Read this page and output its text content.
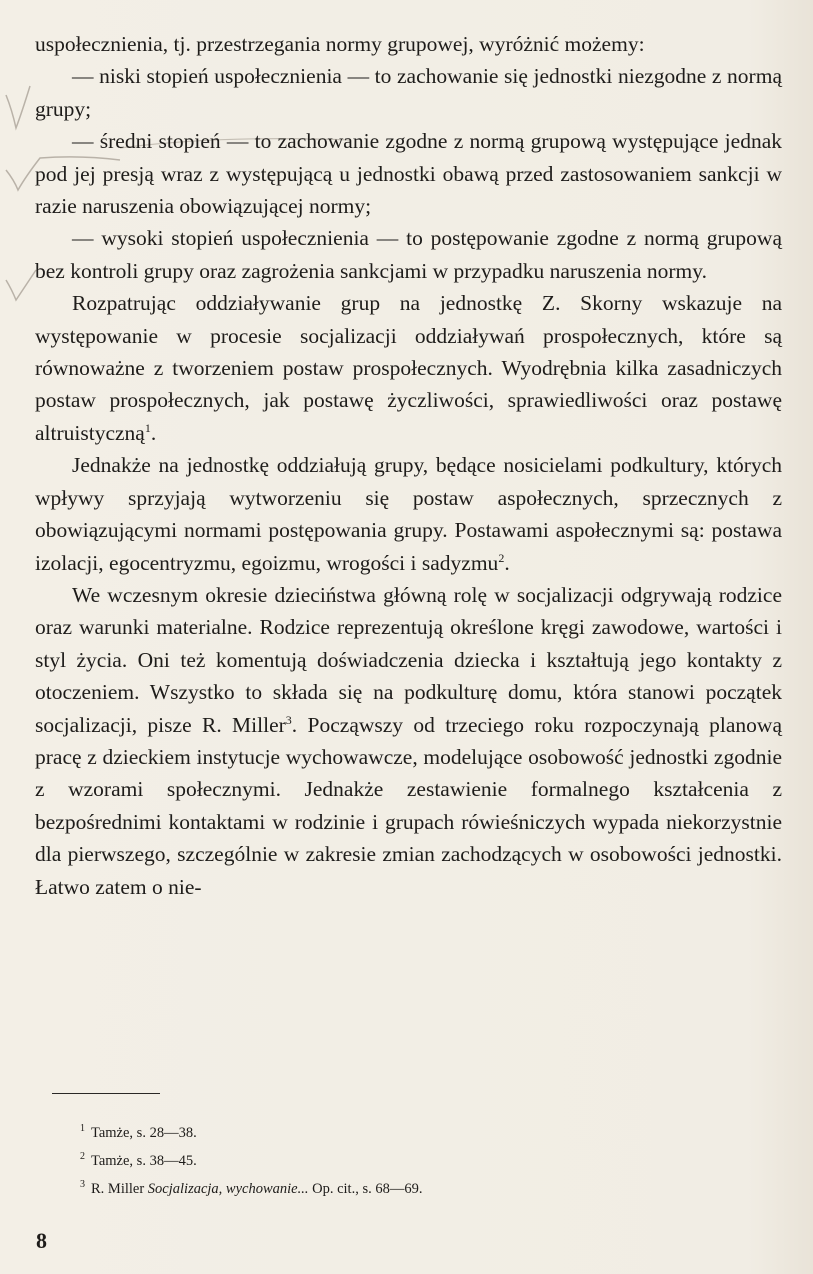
uspołecznienia, tj. przestrzegania normy grupowej, wyróżnić możemy:

— niski stopień uspołecznienia — to zachowanie się jednostki niezgodne z normą grupy;

— średni stopień — to zachowanie zgodne z normą grupową występujące jednak pod jej presją wraz z występującą u jednostki obawą przed zastosowaniem sankcji w razie naruszenia obowiązującej normy;

— wysoki stopień uspołecznienia — to postępowanie zgodne z normą grupową bez kontroli grupy oraz zagrożenia sankcjami w przypadku naruszenia normy.

Rozpatrując oddziaływanie grup na jednostkę Z. Skorny wskazuje na występowanie w procesie socjalizacji oddziaływań prospołecznych, które są równoważne z tworzeniem postaw prospołecznych. Wyodrębnia kilka zasadniczych postaw prospołecznych, jak postawę życzliwości, sprawiedliwości oraz postawę altruistyczną$^1$.

Jednakże na jednostkę oddziałują grupy, będące nosicielami podkultury, których wpływy sprzyjają wytworzeniu się postaw aspołecznych, sprzecznych z obowiązującymi normami postępowania grupy. Postawami aspołecznymi są: postawa izolacji, egocentryzmu, egoizmu, wrogości i sadyzmu$^2$.

We wczesnym okresie dzieciństwa główną rolę w socjalizacji odgrywają rodzice oraz warunki materialne. Rodzice reprezentują określone kręgi zawodowe, wartości i styl życia. Oni też komentują doświadczenia dziecka i kształtują jego kontakty z otoczeniem. Wszystko to składa się na podkulturę domu, która stanowi początek socjalizacji, pisze R. Miller$^3$. Począwszy od trzeciego roku rozpoczynają planową pracę z dzieckiem instytucje wychowawcze, modelujące osobowość jednostki zgodnie z wzorami społecznymi. Jednakże zestawienie formalnego kształcenia z bezpośrednimi kontaktami w rodzinie i grupach rówieśniczych wypada niekorzystnie dla pierwszego, szczególnie w zakresie zmian zachodzących w osobowości jednostki. Łatwo zatem o nie-

$^1$ Tamże, s. 28—38.

$^2$ Tamże, s. 38—45.

$^3$ R. Miller Socjalizacja, wychowanie... Op. cit., s. 68—69.

8
